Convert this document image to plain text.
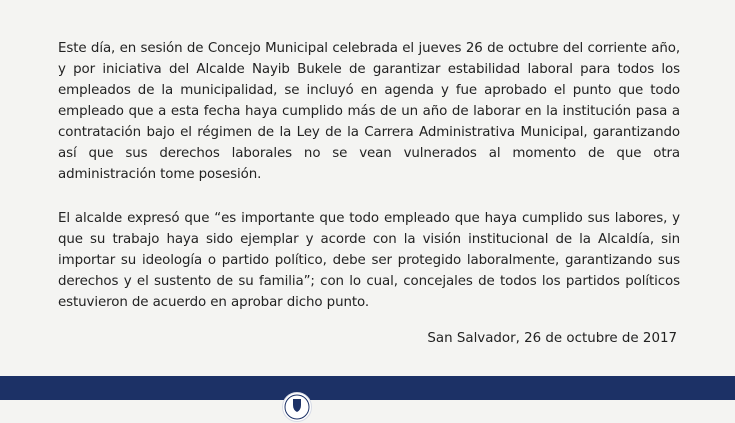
Este día, en sesión de Concejo Municipal celebrada el jueves 26 de octubre del corriente año, y por iniciativa del Alcalde Nayib Bukele de garantizar estabilidad laboral para todos los empleados de la municipalidad, se incluyó en agenda y fue aprobado el punto que todo empleado que a esta fecha haya cumplido más de un año de laborar en la institución pasa a contratación bajo el régimen de la Ley de la Carrera Administrativa Municipal, garantizando así que sus derechos laborales no se vean vulnerados al momento de que otra administración tome posesión.

El alcalde expresó que “es importante que todo empleado que haya cumplido sus labores, y que su trabajo haya sido ejemplar y acorde con la visión institucional de la Alcaldía, sin importar su ideología o partido político, debe ser protegido laboralmente, garantizando sus derechos y el sustento de su familia”; con lo cual, concejales de todos los partidos políticos estuvieron de acuerdo en aprobar dicho punto.

San Salvador, 26 de octubre de 2017
